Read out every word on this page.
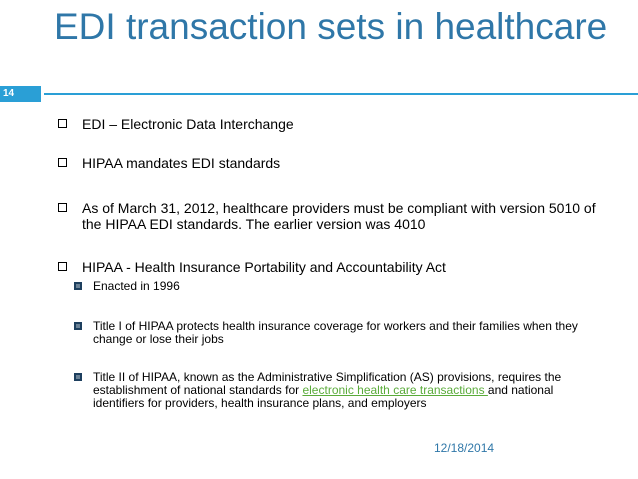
EDI transaction sets in healthcare
14
EDI – Electronic Data Interchange
HIPAA mandates EDI standards
As of March 31, 2012, healthcare providers must be compliant with version 5010 of the HIPAA EDI standards. The earlier version was 4010
HIPAA - Health Insurance Portability and Accountability Act
Enacted in 1996
Title I of HIPAA protects health insurance coverage for workers and their families when they change or lose their jobs
Title II of HIPAA, known as the Administrative Simplification (AS) provisions, requires the establishment of national standards for electronic health care transactions and national identifiers for providers, health insurance plans, and employers
12/18/2014
